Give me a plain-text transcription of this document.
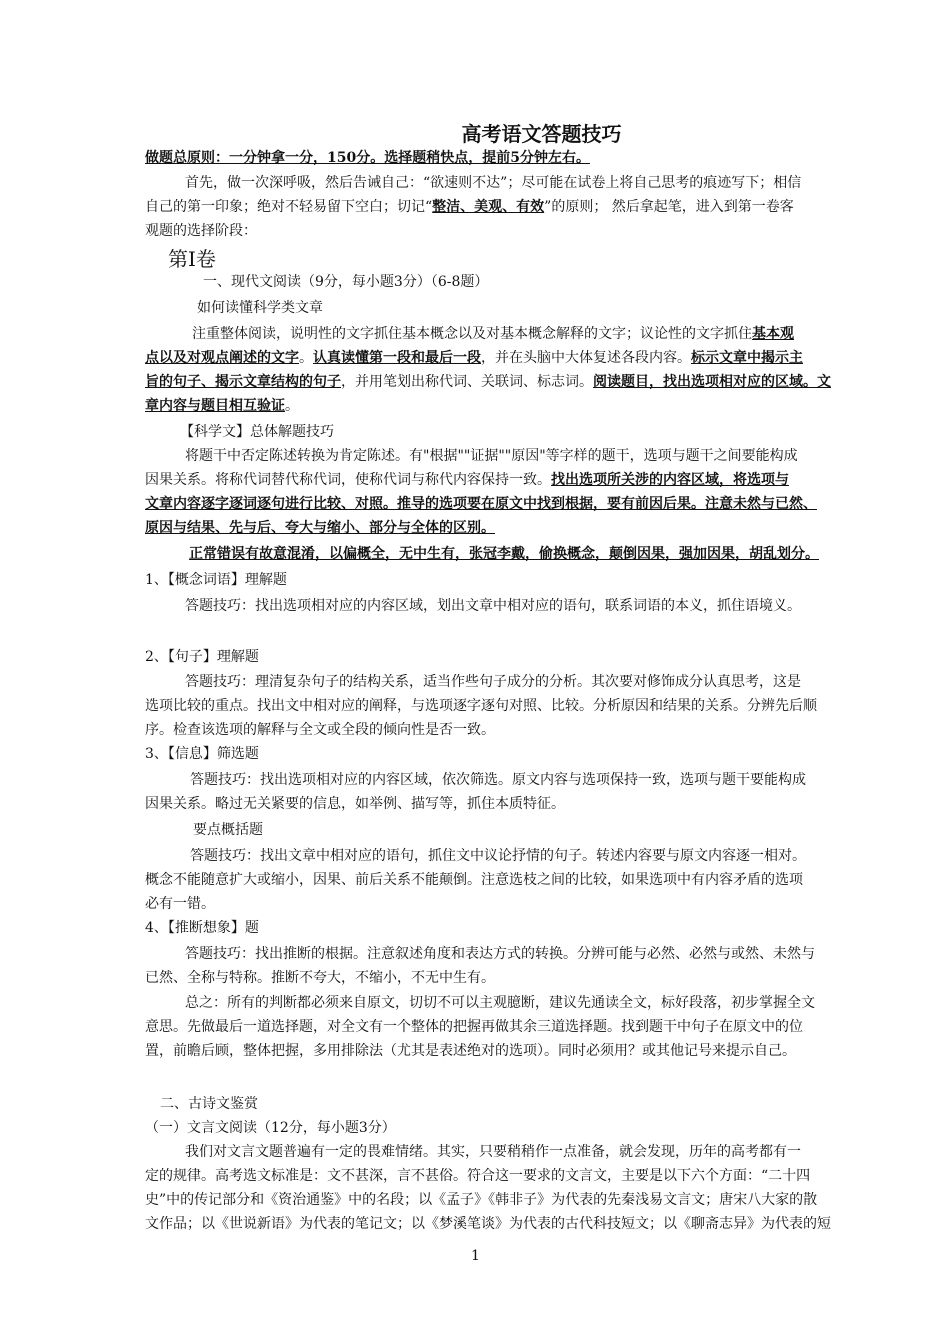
高考语文答题技巧
做题总原则：一分钟拿一分，150分。选择题稍快点，提前5分钟左右。
首先，做一次深呼吸，然后告诫自己：“欲速则不达”；尽可能在试卷上将自己思考的痕迹写下；相信
自己的第一印象；绝对不轻易留下空白；切记“整洁、美观、有效”的原则； 然后拿起笔，进入到第一卷客
观题的选择阶段：
第Ⅰ卷
一、现代文阅读（9分，每小题3分）（6-8题）
如何读懂科学类文章
注重整体阅读，说明性的文字抓住基本概念以及对基本概念解释的文字；议论性的文字抓住基本观
点以及对观点阐述的文字。认真读懂第一段和最后一段，并在头脑中大体复述各段内容。标示文章中揭示主
旨的句子、揭示文章结构的句子，并用笔划出称代词、关联词、标志词。阅读题目，找出选项相对应的区域。文
章内容与题目相互验证。
【科学文】总体解题技巧
将题干中否定陈述转换为肯定陈述。有"根据""证据""原因"等字样的题干，选项与题干之间要能构成
因果关系。将称代词替代称代词，使称代词与称代内容保持一致。找出选项所关涉的内容区域，将选项与
文章内容逐字逐词逐句进行比较、对照。推导的选项要在原文中找到根据，要有前因后果。注意未然与已然、
原因与结果、先与后、夸大与缩小、部分与全体的区别。
正常错误有故意混淆，以偏概全，无中生有，张冠李戴，偷换概念，颠倒因果，强加因果，胡乱划分。
1、【概念词语】理解题
答题技巧：找出选项相对应的内容区域，划出文章中相对应的语句，联系词语的本义，抓住语境义。
2、【句子】理解题
答题技巧：理清复杂句子的结构关系，适当作些句子成分的分析。其次要对修饰成分认真思考，这是
选项比较的重点。找出文中相对应的阐释，与选项逐字逐句对照、比较。分析原因和结果的关系。分辨先后顺
序。检查该选项的解释与全文或全段的倾向性是否一致。
3、【信息】筛选题
答题技巧：找出选项相对应的内容区域，依次筛选。原文内容与选项保持一致，选项与题干要能构成
因果关系。略过无关紧要的信息，如举例、描写等，抓住本质特征。
要点概括题
答题技巧：找出文章中相对应的语句，抓住文中议论抒情的句子。转述内容要与原文内容逐一相对。
概念不能随意扩大或缩小，因果、前后关系不能颠倒。注意选枝之间的比较，如果选项中有内容矛盾的选项
必有一错。
4、【推断想象】题
答题技巧：找出推断的根据。注意叙述角度和表达方式的转换。分辨可能与必然、必然与或然、未然与
已然、全称与特称。推断不夸大，不缩小，不无中生有。
总之：所有的判断都必须来自原文，切切不可以主观臆断，建议先通读全文，标好段落，初步掌握全文
意思。先做最后一道选择题，对全文有一个整体的把握再做其余三道选择题。找到题干中句子在原文中的位
置，前瞻后顾，整体把握，多用排除法（尤其是表述绝对的选项）。同时必须用？或其他记号来提示自己。
二、古诗文鉴赏
（一）文言文阅读（12分，每小题3分）
我们对文言文题普遍有一定的畏难情绪。其实，只要稍稍作一点准备，就会发现，历年的高考都有一
定的规律。高考选文标准是：文不甚深，言不甚俗。符合这一要求的文言文，主要是以下六个方面：“二十四
史”中的传记部分和《资治通鉴》中的名段；以《孟子》《韩非子》为代表的先秦浅易文言文；唐宋八大家的散
文作品；以《世说新语》为代表的笔记文；以《梦溪笔谈》为代表的古代科技短文；以《聊斋志异》为代表的短
1
